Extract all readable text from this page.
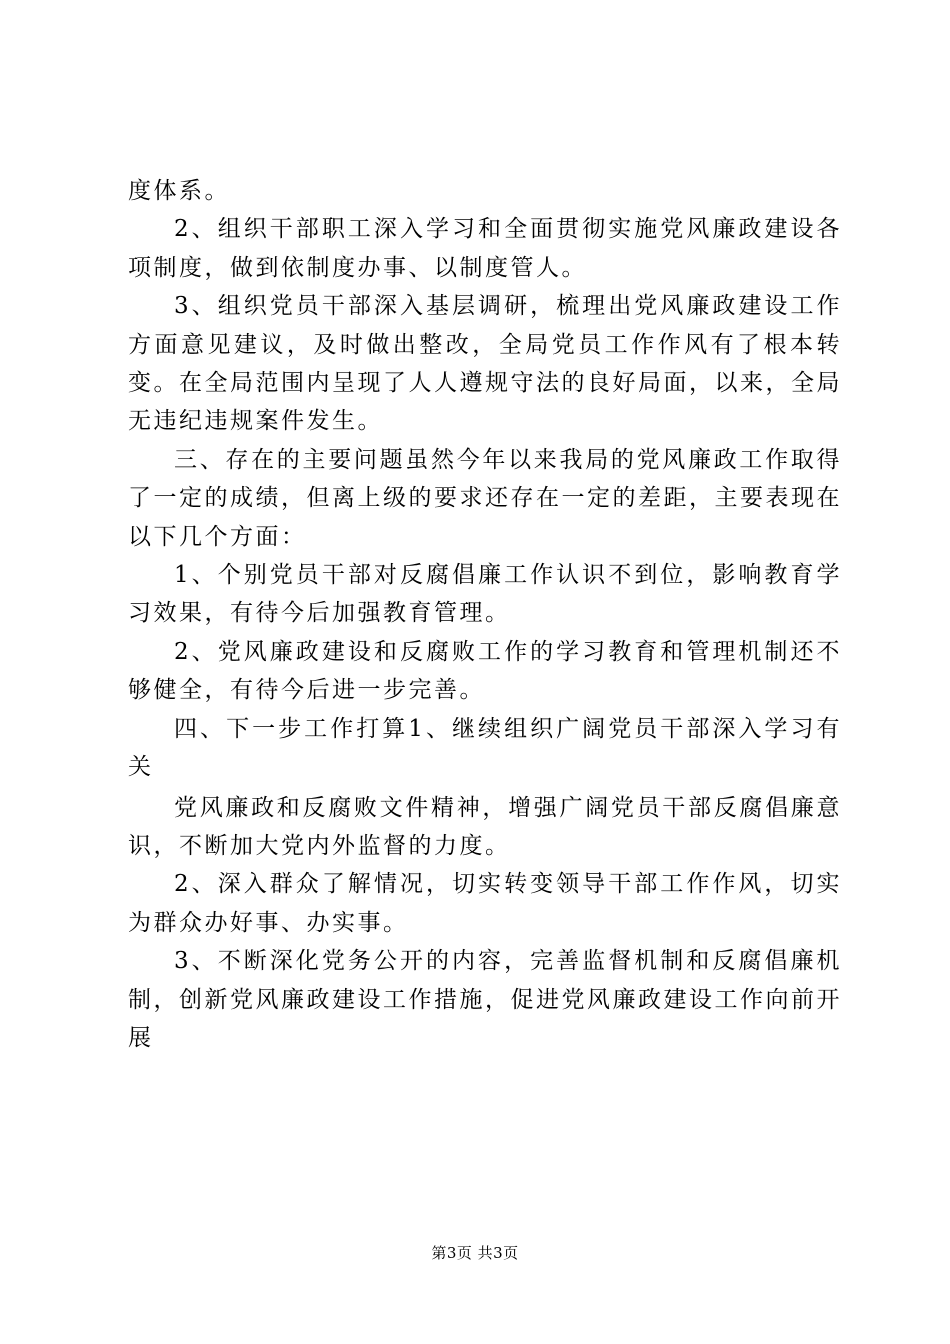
度体系。

2、组织干部职工深入学习和全面贯彻实施党风廉政建设各项制度，做到依制度办事、以制度管人。

3、组织党员干部深入基层调研，梳理出党风廉政建设工作方面意见建议，及时做出整改，全局党员工作作风有了根本转变。在全局范围内呈现了人人遵规守法的良好局面，以来，全局无违纪违规案件发生。

三、存在的主要问题虽然今年以来我局的党风廉政工作取得了一定的成绩，但离上级的要求还存在一定的差距，主要表现在以下几个方面：

1、个别党员干部对反腐倡廉工作认识不到位，影响教育学习效果，有待今后加强教育管理。

2、党风廉政建设和反腐败工作的学习教育和管理机制还不够健全，有待今后进一步完善。

四、下一步工作打算1、继续组织广阔党员干部深入学习有关

党风廉政和反腐败文件精神，增强广阔党员干部反腐倡廉意识，不断加大党内外监督的力度。

2、深入群众了解情况，切实转变领导干部工作作风，切实为群众办好事、办实事。

3、不断深化党务公开的内容，完善监督机制和反腐倡廉机制，创新党风廉政建设工作措施，促进党风廉政建设工作向前开展

第3页 共3页
